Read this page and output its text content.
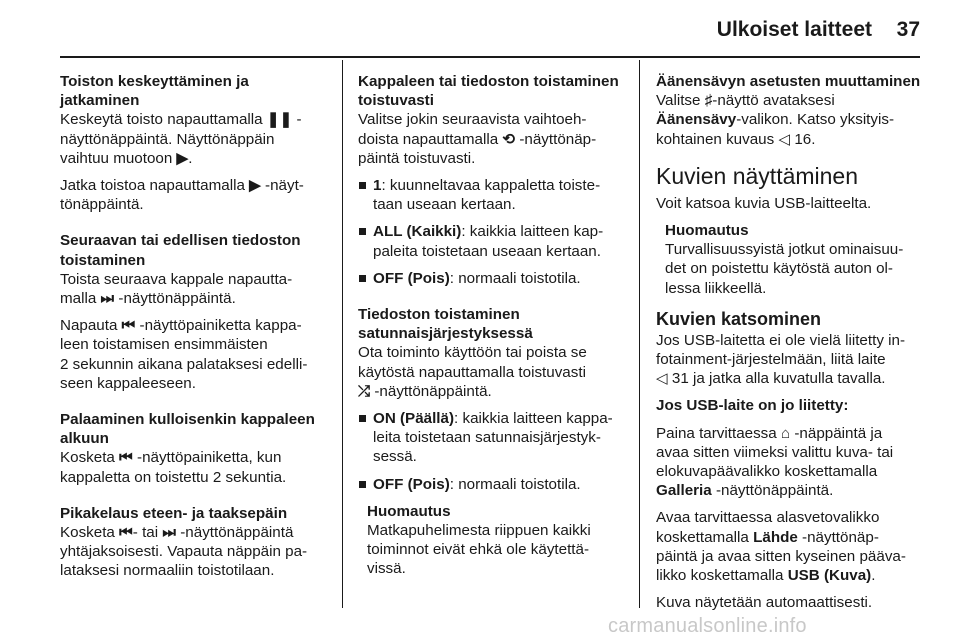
Ulkoiset laitteet 37

Toiston keskeyttäminen ja
jatkaminen

Keskeytä toisto napauttamalla ❚❚ -
näyttönäppäintä. Näyttönäppäin
vaihtuu muotoon ▶.

Jatka toistoa napauttamalla ▶ -näyt-
tönäppäintä.

Seuraavan tai edellisen tiedoston
toistaminen

Toista seuraava kappale napautta-
malla ⏭ -näyttönäppäintä.

Napauta ⏮ -näyttöpainiketta kappa-
leen toistamisen ensimmäisten
2 sekunnin aikana palataksesi edelli-
seen kappaleeseen.

Palaaminen kulloisenkin kappaleen
alkuun

Kosketa ⏮ -näyttöpainiketta, kun
kappaletta on toistettu 2 sekuntia.

Pikakelaus eteen- ja taaksepäin

Kosketa ⏮- tai ⏭ -näyttönäppäintä
yhtäjaksoisesti. Vapauta näppäin pa-
lataksesi normaaliin toistotilaan.

Kappaleen tai tiedoston toistaminen
toistuvasti

Valitse jokin seuraavista vaihtoeh-
doista napauttamalla ⟲ -näyttönäp-
päintä toistuvasti.

1: kuunneltavaa kappaletta toiste-
taan useaan kertaan.
ALL (Kaikki): kaikkia laitteen kap-
paleita toistetaan useaan kertaan.
OFF (Pois): normaali toistotila.

Tiedoston toistaminen
satunnaisjärjestyksessä

Ota toiminto käyttöön tai poista se
käytöstä napauttamalla toistuvasti
⤮ -näyttönäppäintä.

ON (Päällä): kaikkia laitteen kappa-
leita toistetaan satunnaisjärjestyk-
sessä.
OFF (Pois): normaali toistotila.

Huomautus

Matkapuhelimesta riippuen kaikki
toiminnot eivät ehkä ole käytettä-
vissä.

Äänensävyn asetusten muuttaminen

Valitse ♯-näyttö avataksesi
Äänensävy-valikon. Katso yksityis-
kohtainen kuvaus ◁ 16.

Kuvien näyttäminen

Voit katsoa kuvia USB-laitteelta.

Huomautus

Turvallisuussyistä jotkut ominaisuu-
det on poistettu käytöstä auton ol-
lessa liikkeellä.

Kuvien katsominen

Jos USB-laitetta ei ole vielä liitetty in-
fotainment-järjestelmään, liitä laite
◁ 31 ja jatka alla kuvatulla tavalla.

Jos USB-laite on jo liitetty:

Paina tarvittaessa ⌂ -näppäintä ja
avaa sitten viimeksi valittu kuva- tai
elokuvapäävalikko koskettamalla
Galleria -näyttönäppäintä.

Avaa tarvittaessa alasvetovalikko
koskettamalla Lähde -näyttönäp-
päintä ja avaa sitten kyseinen pääva-
likko koskettamalla USB (Kuva).

Kuva näytetään automaattisesti.

carmanualsonline.info
